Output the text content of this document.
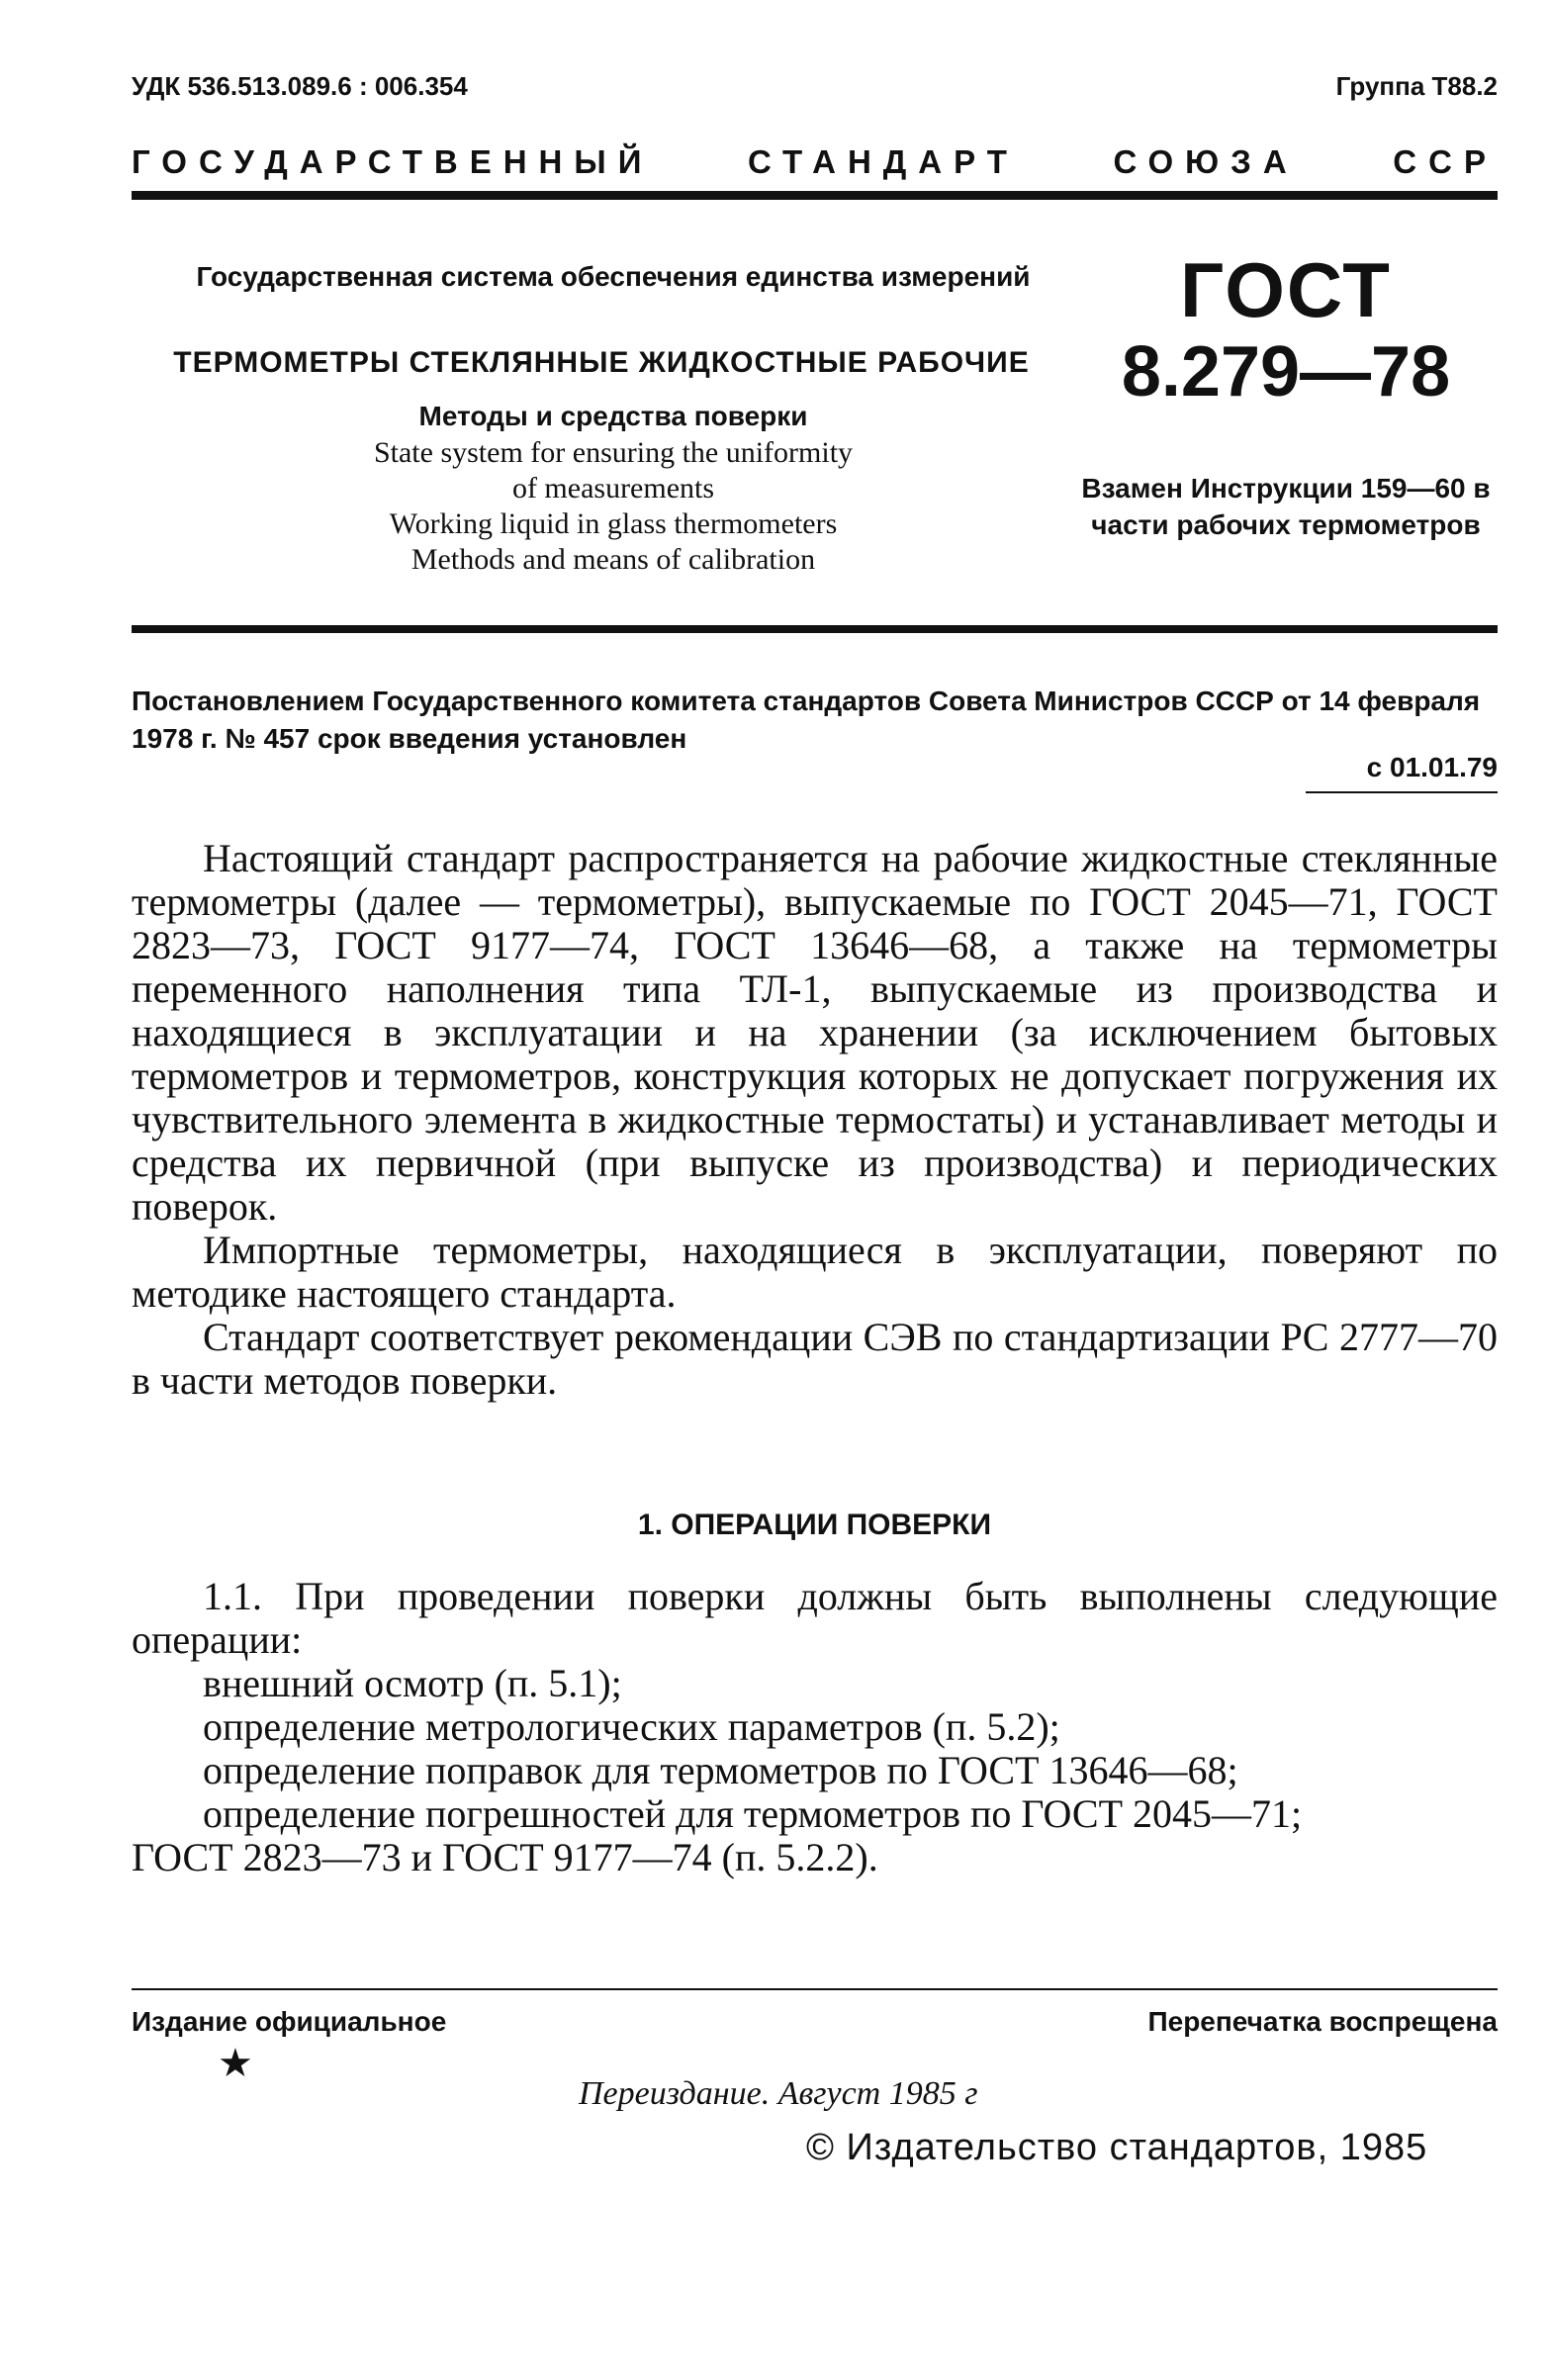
УДК 536.513.089.6 : 006.354	Группа Т88.2
ГОСУДАРСТВЕННЫЙ	СТАНДАРТ	СОЮЗА	ССР
Государственная система обеспечения единства измерений
ТЕРМОМЕТРЫ СТЕКЛЯННЫЕ ЖИДКОСТНЫЕ РАБОЧИЕ
Методы и средства поверки
State system for ensuring the uniformity
of measurements
Working liquid in glass thermometers
Methods and means of calibration
ГОСТ
8.279—78
Взамен Инструкции 159—60 в части рабочих термометров
Постановлением Государственного комитета стандартов Совета Министров СССР от 14 февраля 1978 г. № 457 срок введения установлен
с 01.01.79

Настоящий стандарт распространяется на рабочие жидкостные стеклянные термометры (далее — термометры), выпускаемые по ГОСТ 2045—71, ГОСТ 2823—73, ГОСТ 9177—74, ГОСТ 13646—68, а также на термометры переменного наполнения типа ТЛ-1, выпускаемые из производства и находящиеся в эксплуатации и на хранении (за исключением бытовых термометров и термометров, конструкция которых не допускает погружения их чувствительного элемента в жидкостные термостаты) и устанавливает методы и средства их первичной (при выпуске из производства) и периодических поверок.

Импортные термометры, находящиеся в эксплуатации, поверяют по методике настоящего стандарта.

Стандарт соответствует рекомендации СЭВ по стандартизации PC 2777—70 в части методов поверки.

1. ОПЕРАЦИИ ПОВЕРКИ

1.1. При проведении поверки должны быть выполнены следующие операции:

внешний осмотр (п. 5.1);

определение метрологических параметров (п. 5.2);

определение поправок для термометров по ГОСТ 13646—68;

определение погрешностей для термометров по ГОСТ 2045—71;

ГОСТ 2823—73 и ГОСТ 9177—74 (п. 5.2.2).

Издание официальное	Перепечатка воспрещена
★
Переиздание. Август 1985 г
© Издательство стандартов, 1985
